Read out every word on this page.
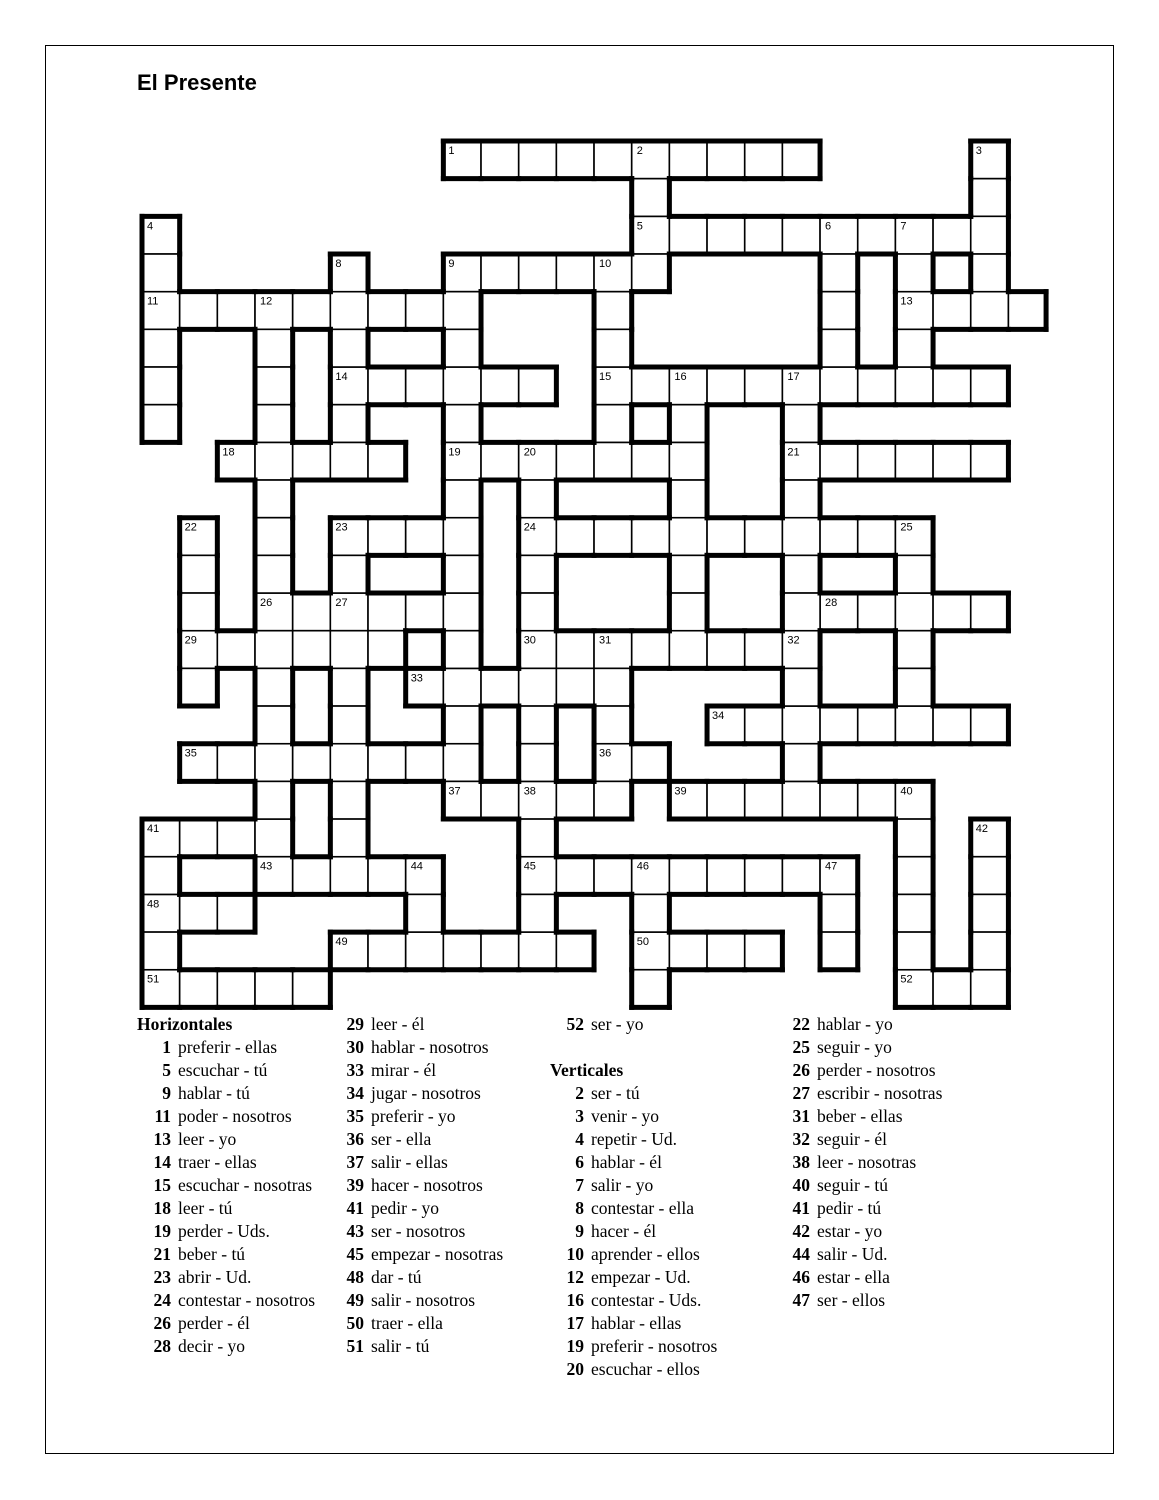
El Presente
1	2
5	6	7
9	10
11	12	13
14	15	16	17
18	19	20	21
23	24	25
26	27	28
29	30	31	32
33
34
35	36
37	38	39	40
41
43	44	45	46	47
48
49	50
51	52
3
4
8
22
42
Horizontales
1 preferir - ellas
5 escuchar - tú
9 hablar - tú
11 poder - nosotros
13 leer - yo
14 traer - ellas
15 escuchar - nosotras
18 leer - tú
19 perder - Uds.
21 beber - tú
23 abrir - Ud.
24 contestar - nosotros
26 perder - él
28 decir - yo
29 leer - él
30 hablar - nosotros
33 mirar - él
34 jugar - nosotros
35 preferir - yo
36 ser - ella
37 salir - ellas
39 hacer - nosotros
41 pedir - yo
43 ser - nosotros
45 empezar - nosotras
48 dar - tú
49 salir - nosotros
50 traer - ella
51 salir - tú
52 ser - yo
Verticales
2 ser - tú
3 venir - yo
4 repetir - Ud.
6 hablar - él
7 salir - yo
8 contestar - ella
9 hacer - él
10 aprender - ellos
12 empezar - Ud.
16 contestar - Uds.
17 hablar - ellas
19 preferir - nosotros
20 escuchar - ellos
22 hablar - yo
25 seguir - yo
26 perder - nosotros
27 escribir - nosotras
31 beber - ellas
32 seguir - él
38 leer - nosotras
40 seguir - tú
41 pedir - tú
42 estar - yo
44 salir - Ud.
46 estar - ella
47 ser - ellos
